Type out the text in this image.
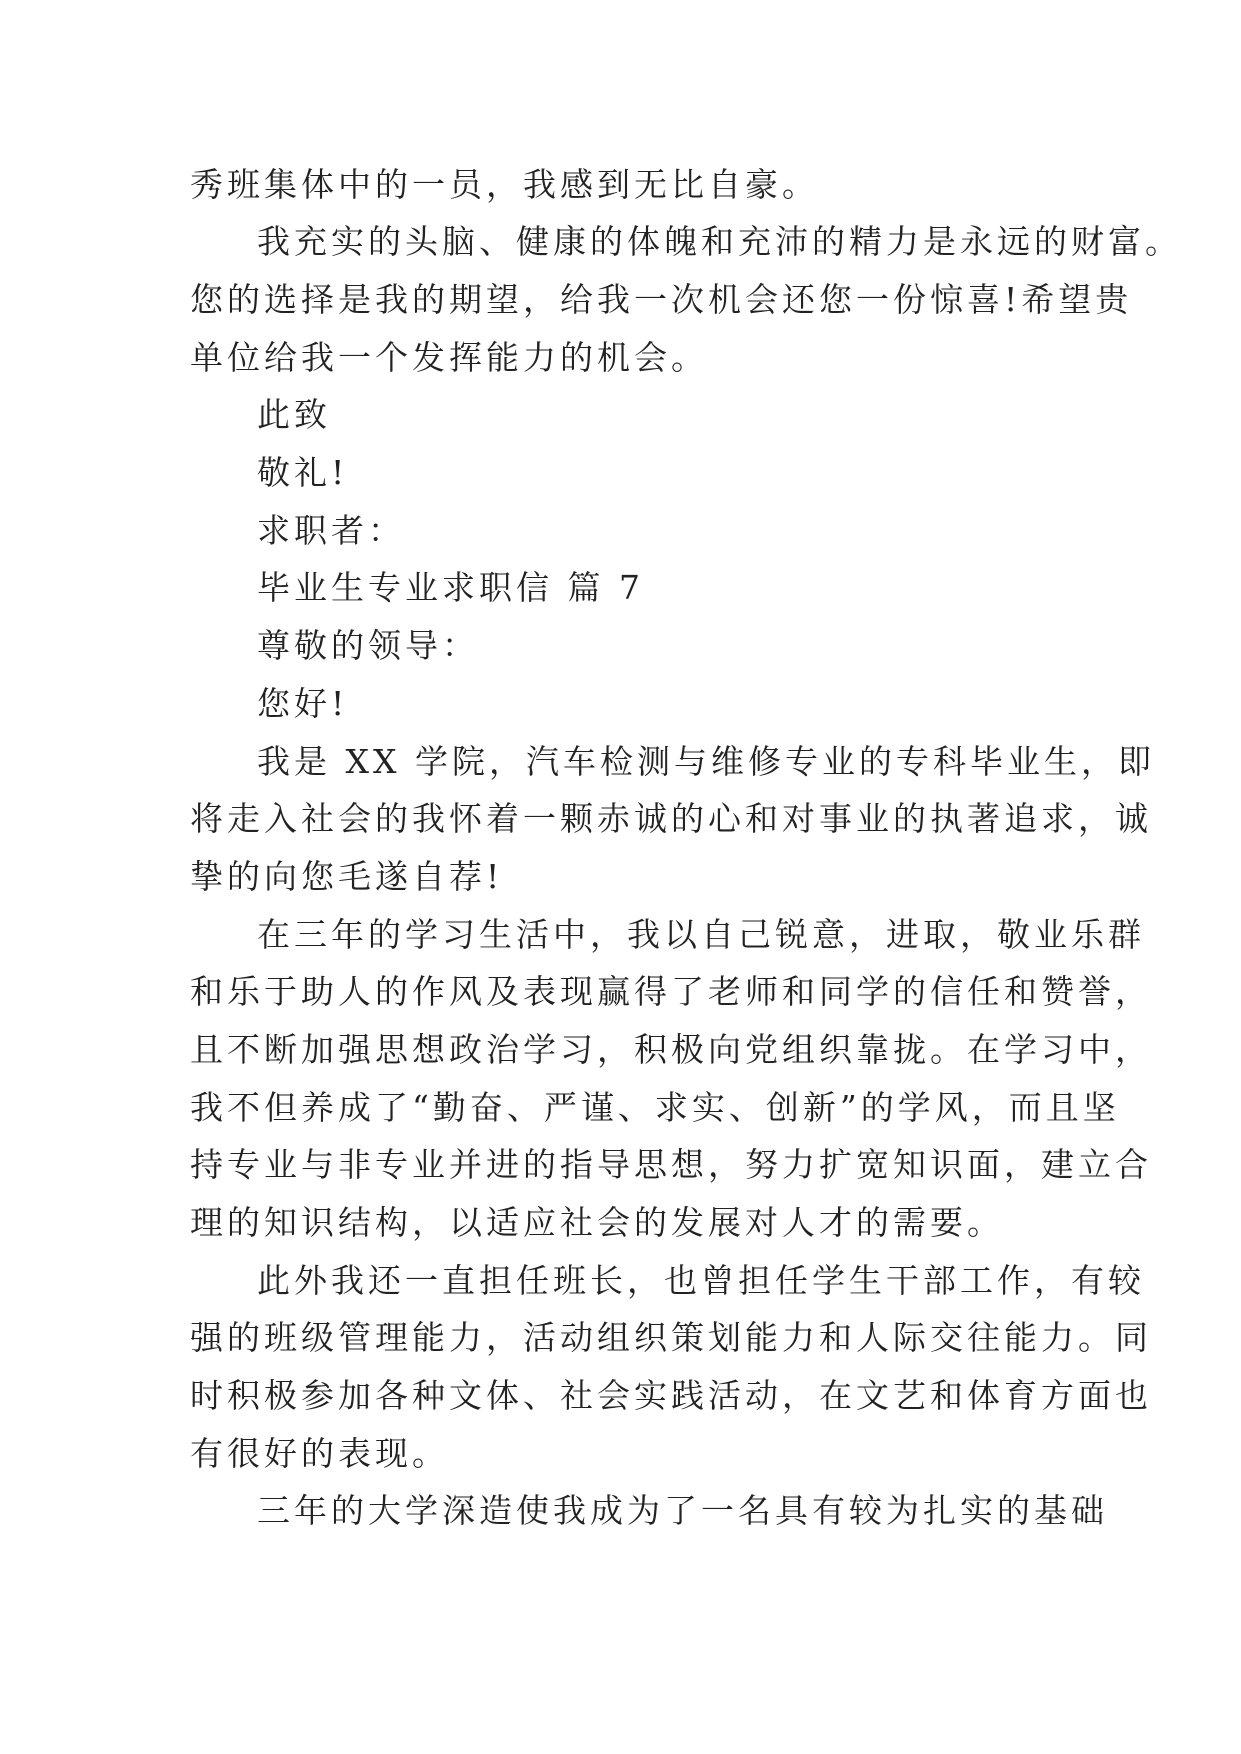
秀班集体中的一员，我感到无比自豪。
我充实的头脑、健康的体魄和充沛的精力是永远的财富。
您的选择是我的期望，给我一次机会还您一份惊喜!希望贵
单位给我一个发挥能力的机会。
此致
敬礼!
求职者：
毕业生专业求职信 篇 7
尊敬的领导：
您好!
我是 XX 学院，汽车检测与维修专业的专科毕业生，即
将走入社会的我怀着一颗赤诚的心和对事业的执著追求，诚
挚的向您毛遂自荐!
在三年的学习生活中，我以自己锐意，进取，敬业乐群
和乐于助人的作风及表现赢得了老师和同学的信任和赞誉，
且不断加强思想政治学习，积极向党组织靠拢。在学习中，
我不但养成了“勤奋、严谨、求实、创新”的学风，而且坚
持专业与非专业并进的指导思想，努力扩宽知识面，建立合
理的知识结构，以适应社会的发展对人才的需要。
此外我还一直担任班长，也曾担任学生干部工作，有较
强的班级管理能力，活动组织策划能力和人际交往能力。同
时积极参加各种文体、社会实践活动，在文艺和体育方面也
有很好的表现。
三年的大学深造使我成为了一名具有较为扎实的基础
